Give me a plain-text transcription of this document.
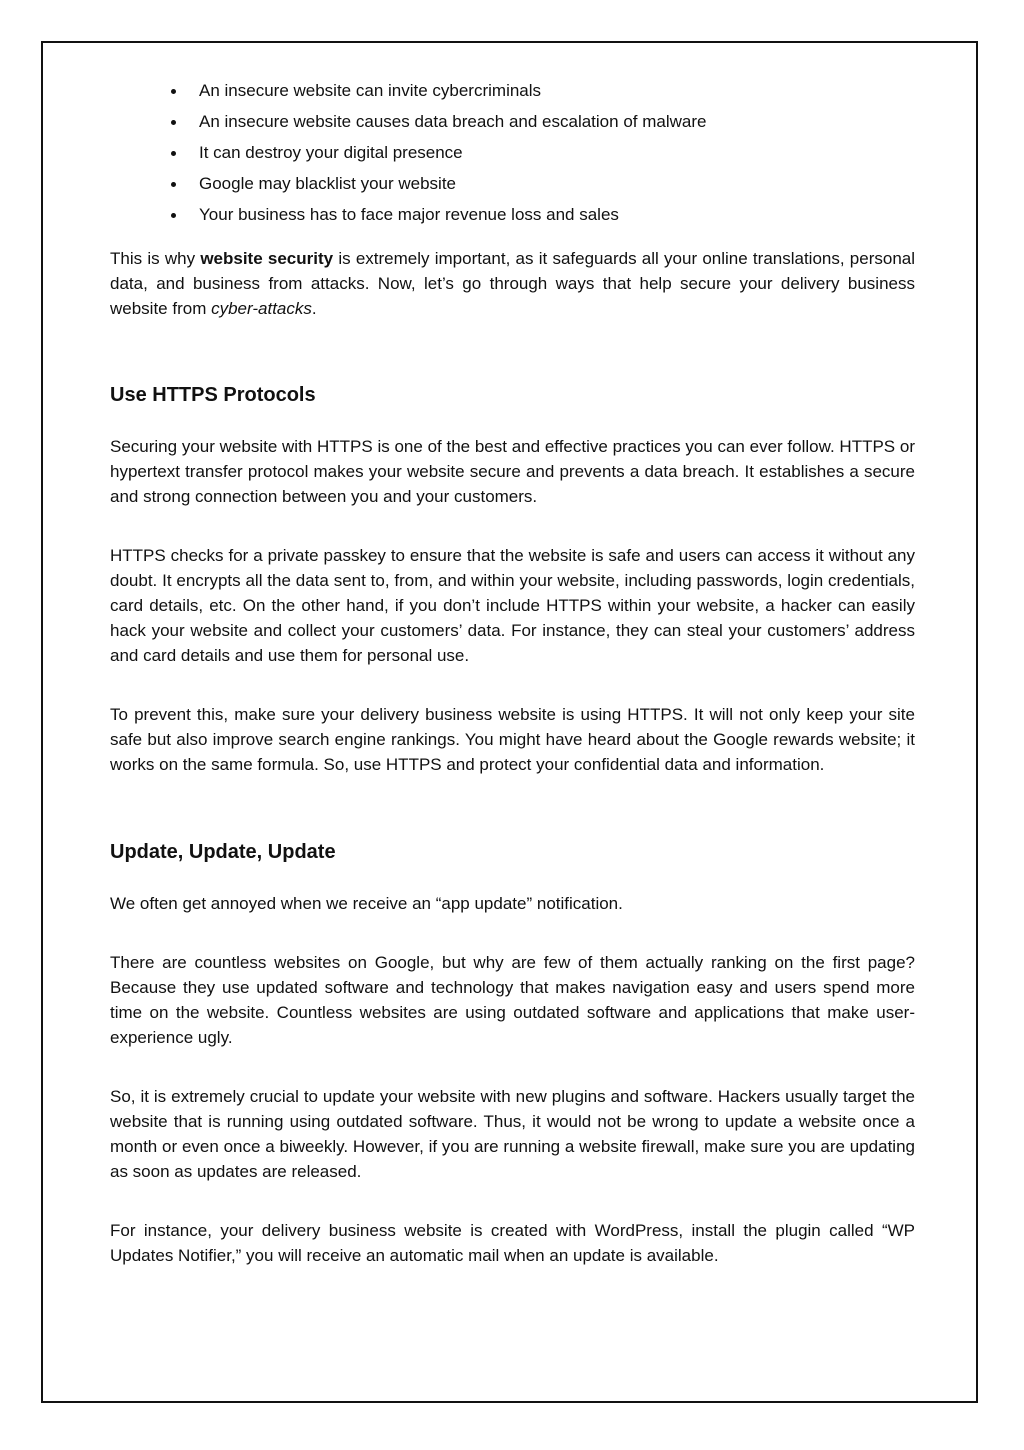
An insecure website can invite cybercriminals
An insecure website causes data breach and escalation of malware
It can destroy your digital presence
Google may blacklist your website
Your business has to face major revenue loss and sales

This is why website security is extremely important, as it safeguards all your online translations, personal data, and business from attacks. Now, let’s go through ways that help secure your delivery business website from cyber-attacks.

Use HTTPS Protocols

Securing your website with HTTPS is one of the best and effective practices you can ever follow. HTTPS or hypertext transfer protocol makes your website secure and prevents a data breach. It establishes a secure and strong connection between you and your customers.

HTTPS checks for a private passkey to ensure that the website is safe and users can access it without any doubt. It encrypts all the data sent to, from, and within your website, including passwords, login credentials, card details, etc. On the other hand, if you don’t include HTTPS within your website, a hacker can easily hack your website and collect your customers’ data. For instance, they can steal your customers’ address and card details and use them for personal use.

To prevent this, make sure your delivery business website is using HTTPS. It will not only keep your site safe but also improve search engine rankings. You might have heard about the Google rewards website; it works on the same formula. So, use HTTPS and protect your confidential data and information.

Update, Update, Update

We often get annoyed when we receive an “app update” notification.

There are countless websites on Google, but why are few of them actually ranking on the first page? Because they use updated software and technology that makes navigation easy and users spend more time on the website. Countless websites are using outdated software and applications that make user-experience ugly.

So, it is extremely crucial to update your website with new plugins and software. Hackers usually target the website that is running using outdated software. Thus, it would not be wrong to update a website once a month or even once a biweekly. However, if you are running a website firewall, make sure you are updating as soon as updates are released.

For instance, your delivery business website is created with WordPress, install the plugin called “WP Updates Notifier,” you will receive an automatic mail when an update is available.
